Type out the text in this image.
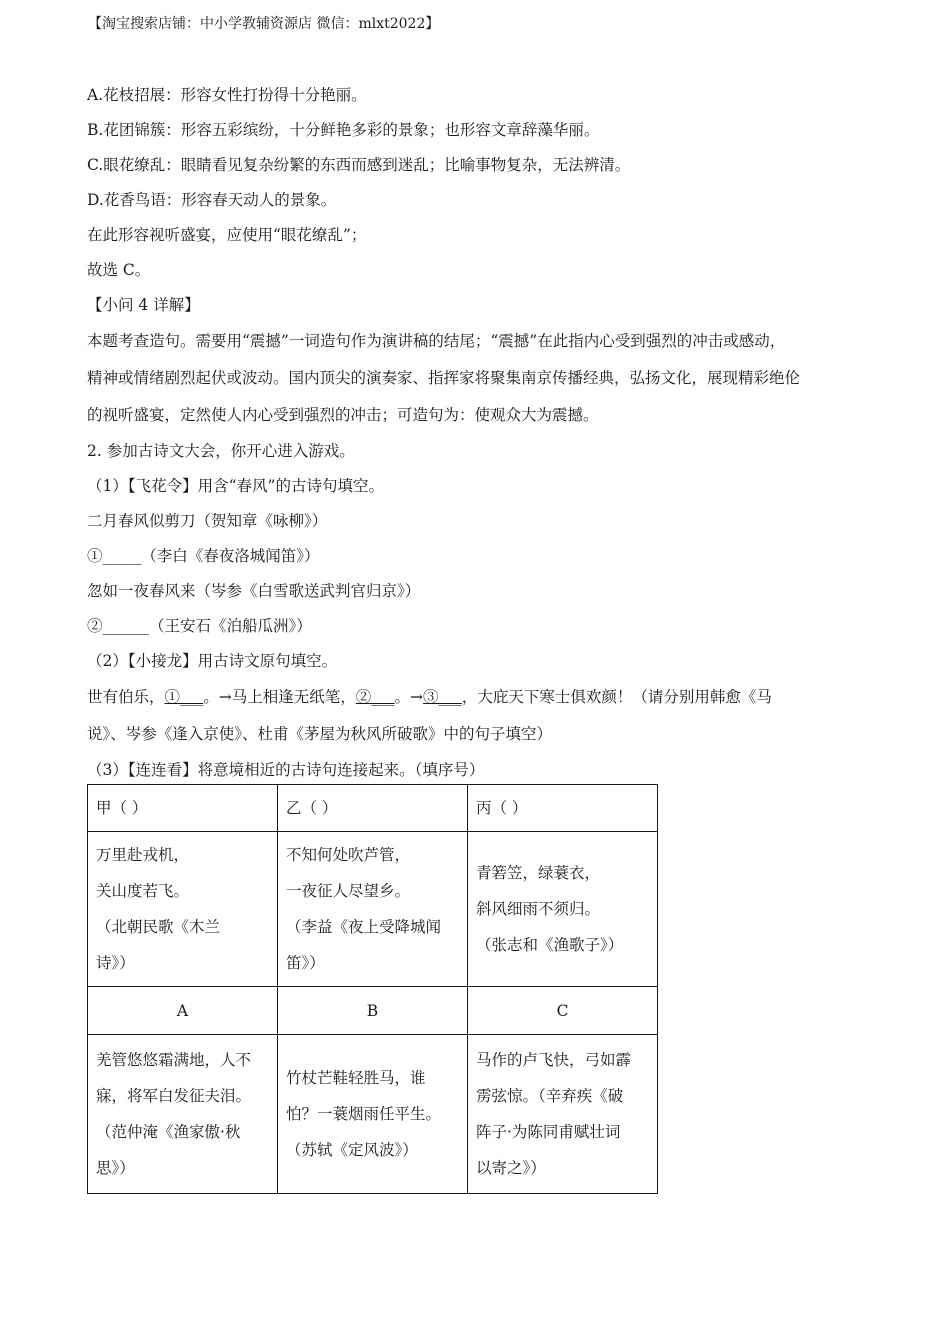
【淘宝搜索店铺：中小学教辅资源店 微信：mlxt2022】
A.花枝招展：形容女性打扮得十分艳丽。
B.花团锦簇：形容五彩缤纷，十分鲜艳多彩的景象；也形容文章辞藻华丽。
C.眼花缭乱：眼睛看见复杂纷繁的东西而感到迷乱；比喻事物复杂，无法辨清。
D.花香鸟语：形容春天动人的景象。
在此形容视听盛宴，应使用“眼花缭乱”；
故选 C。
【小问 4 详解】
本题考查造句。需要用“震撼”一词造句作为演讲稿的结尾；“震撼”在此指内心受到强烈的冲击或感动，
精神或情绪剧烈起伏或波动。国内顶尖的演奏家、指挥家将聚集南京传播经典，弘扬文化，展现精彩绝伦
的视听盛宴，定然使人内心受到强烈的冲击；可造句为：使观众大为震撼。
2. 参加古诗文大会，你开心进入游戏。
（1）【飞花令】用含“春风”的古诗句填空。
二月春风似剪刀（贺知章《咏柳》）
①_____（李白《春夜洛城闻笛》）
忽如一夜春风来（岑参《白雪歌送武判官归京》）
②______（王安石《泊船瓜洲》）
（2）【小接龙】用古诗文原句填空。
世有伯乐，①___。→马上相逢无纸笔，②___。→③___，大庇天下寒士俱欢颜！（请分别用韩愈《马
说》、岑参《逢入京使》、杜甫《茅屋为秋风所破歌》中的句子填空）
（3）【连连看】将意境相近的古诗句连接起来。（填序号）
甲（ ）	乙（ ）	丙（ ）

万里赴戎机，
关山度若飞。
（北朝民歌《木兰
诗》）	不知何处吹芦管，
一夜征人尽望乡。
（李益《夜上受降城闻
笛》）	青箬笠，绿蓑衣，
斜风细雨不须归。
（张志和《渔歌子》）

A	B	C

羌管悠悠霜满地，人不
寐，将军白发征夫泪。
（范仲淹《渔家傲·秋
思》）	竹杖芒鞋轻胜马，谁
怕？一蓑烟雨任平生。
（苏轼《定风波》）	马作的卢飞快，弓如霹
雳弦惊。（辛弃疾《破
阵子·为陈同甫赋壮词
以寄之》）
